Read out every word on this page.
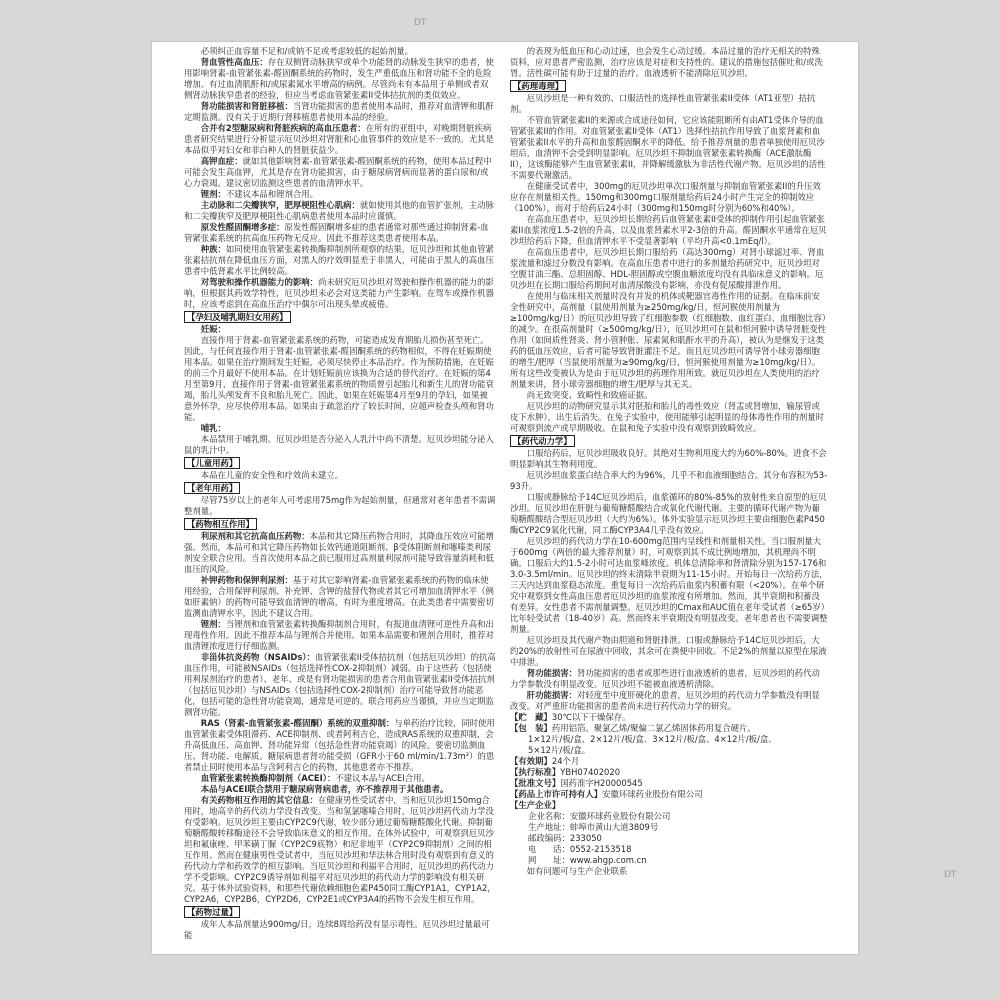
DT
DT

必须纠正血容量不足和/或钠不足或考虑较低的起始剂量。

肾血管性高血压：存在双侧肾动脉狭窄或单个功能肾的动脉发生狭窄的患者，使用影响肾素-血管紧张素-醛固酮系统的药物时，发生严重低血压和肾功能不全的危险增加。有过血清肌酐和/或尿素氮水平增高的病例。尽管尚未有本品用于单侧或者双侧肾动脉狭窄患者的经验，但应当考虑血管紧张素II受体拮抗剂的类似效应。

肾功能损害和肾脏移植：当肾功能损害的患者使用本品时，推荐对血清钾和肌酐定期监测。没有关于近期行肾移植患者使用本品的经验。

合并有2型糖尿病和肾脏疾病的高血压患者：在所有的亚组中，对晚期肾脏疾病患者研究结果进行分析显示厄贝沙坦对肾脏和心血管事件的效应是不一致的。尤其是本品似乎对妇女和非白种人的肾脏获益少。

高钾血症：就如其他影响肾素-血管紧张素-醛固酮系统的药物，使用本品过程中可能会发生高血钾，尤其是存在肾功能损害，由于糖尿病肾病而显著的蛋白尿和/或心力衰竭。建议密切监测这些患者的血清钾水平。

锂剂：不建议本品和锂剂合用。

主动脉和二尖瓣狭窄，肥厚梗阻性心肌病：就如使用其他的血管扩张剂，主动脉和二尖瓣狭窄及肥厚梗阻性心肌病患者使用本品时应谨慎。

原发性醛固酮增多症：原发性醛固酮增多症的患者通常对那些通过抑制肾素-血管紧张素系统的抗高血压药物无反应。因此不推荐这类患者使用本品。

种族：如同使用血管紧张素转换酶抑制剂所观察的结果，厄贝沙坦和其他血管紧张素拮抗剂在降低血压方面，对黑人的疗效明显差于非黑人，可能由于黑人的高血压患者中低肾素水平比例较高。

对驾驶和操作机器能力的影响：尚未研究厄贝沙坦对驾驶和操作机器的能力的影响，但根据其药效学特性，厄贝沙坦未必会对这类能力产生影响。在驾车或操作机器时，应该考虑到在高血压治疗中偶尔可出现头晕或疲倦。

【孕妇及哺乳期妇女用药】

妊娠：

直接作用于肾素-血管紧张素系统的药物，可能造成发育期胎儿损伤甚至死亡。因此，与任何直接作用于肾素-血管紧张素-醛固酮系统的药物相似，不得在妊娠期使用本品。如果在治疗期间发生妊娠，必须尽快停止本品治疗。作为预防措施，在妊娠的前三个月最好不使用本品。在计划妊娠前应该换为合适的替代治疗。在妊娠的第4月至第9月，直接作用于肾素-血管紧张素系统的物质曾引起胎儿和新生儿的肾功能衰竭，胎儿头颅发育不良和胎儿死亡。因此，如果在妊娠第4月至9月的孕妇，如果被意外怀孕，应尽快停用本品。如果由于疏忽治疗了较长时间，应超声检查头颅和肾功能。

哺乳：

本品禁用于哺乳期。厄贝沙坦是否分泌入人乳汁中尚不清楚。厄贝沙坦能分泌入鼠的乳汁中。

【儿童用药】

本品在儿童的安全性和疗效尚未建立。

【老年用药】

尽管75岁以上的老年人可考虑用75mg作为起始剂量，但通常对老年患者不需调整剂量。

【药物相互作用】

利尿剂和其它抗高血压药物：本品和其它降压药物合用时，其降血压效应可能增强。然而，本品可和其它降压药物如长效钙通道阻断剂、β受体阻断剂和噻嗪类利尿剂安全联合应用。当首次使用本品之前已服用过高剂量利尿剂可能导致容量消耗和低血压的风险。

补钾药物和保钾利尿剂：基于对其它影响肾素-血管紧张素系统的药物的临床使用经验，合用保钾利尿剂、补充钾、含钾的盐替代物或者其它可增加血清钾水平（例如肝素钠）的药物可能导致血清钾的增高，有时为重度增高。在此类患者中需要密切监测血清钾水平，因此不建议合用。

锂剂：当锂剂和血管紧张素转换酶抑制剂合用时，有报道血清锂可逆性升高和出现毒性作用。因此不推荐本品与锂剂合并使用。如果本品需要和锂剂合用时，推荐对血清锂浓度进行仔细监测。

非甾体抗炎药物（NSAIDs）：血管紧张素II受体拮抗剂（包括厄贝沙坦）的抗高血压作用，可能被NSAIDs（包括选择性COX-2抑制剂）减弱。由于这些药（包括使用利尿剂治疗的患者）、老年、或是有肾功能损害的患者合用血管紧张素II受体拮抗剂（包括厄贝沙坦）与NSAIDs（包括选择性COX-2抑制剂）治疗可能导致肾功能恶化，包括可能的急性肾功能衰竭，通常是可逆的。联合用药应当谨慎，并应当定期监测肾功能。

RAS（肾素-血管紧张素-醛固酮）系统的双重抑制：与单药治疗比较，同时使用血管紧张素受体阻滞药、ACE抑制剂、或者阿利吉仑，造成RAS系统的双重抑制，会升高低血压、高血钾、肾功能异常（包括急性肾功能衰竭）的风险。要密切监测血压、肾功能、电解质。糖尿病患者肾功能受损（GFR小于60 ml/min/1.73m²）的患者禁止同时使用本品与含阿利吉仑的药物，其他患者亦不推荐。

血管紧张素转换酶抑制剂（ACEI）：不建议本品与ACEI合用。

本品与ACEI联合禁用于糖尿病肾病患者，亦不推荐用于其他患者。

有关药物相互作用的其它信息：在健康男性受试者中，当和厄贝沙坦150mg合用时，地高辛的药代动力学没有改变。当和氢氯噻嗪合用时，厄贝沙坦药代动力学没有受影响。厄贝沙坦主要由CYP2C9代谢，较少部分通过葡萄糖醛酸化代谢。抑制葡萄糖醛酸转移酶途径不会导致临床意义的相互作用。在体外试验中，可观察到厄贝沙坦和氟康唑、甲苯磺丁脲（CYP2C9底物）和尼非地平（CYP2C9抑制剂）之间的相互作用。然而在健康男性受试者中，当厄贝沙坦和华法林合用时没有观察到有意义的药代动力学和药效学的相互影响。当厄贝沙坦和利福平合用时，厄贝沙坦的药代动力学不受影响。CYP2C9诱导剂如利福平对厄贝沙坦的药代动力学的影响没有相关研究。基于体外试验资料，和那些代谢依赖细胞色素P450同工酶CYP1A1，CYP1A2，CYP2A6，CYP2B6，CYP2D6，CYP2E1或CYP3A4的药物不会发生相互作用。

【药物过量】

成年人本品剂量达900mg/日，连续8周给药没有显示毒性。厄贝沙坦过量最可能

的表现为低血压和心动过速，也会发生心动过缓。本品过量的治疗无相关的特殊资料，应对患者严密监测，治疗应该是对症和支持性的。建议的措施包括催吐和/或洗胃。活性碳可能有助于过量的治疗。血液透析不能清除厄贝沙坦。

【药理毒理】

厄贝沙坦是一种有效的、口服活性的选择性血管紧张素II受体（AT1亚型）拮抗剂。

不管血管紧张素II的来源或合成途径如何，它应该能阻断所有由AT1受体介导的血管紧张素II的作用。对血管紧张素II受体（AT1）选择性拮抗作用导致了血浆肾素和血管紧张素II水平的升高和血浆醛固酮水平的降低。给予推荐剂量的患者单独使用厄贝沙坦后，血清钾不会受到明显影响。厄贝沙坦不抑制血管紧张素转换酶（ACE激肽酶II），这该酶能够产生血管紧张素II，并降解缓激肽为非活性代谢产物。厄贝沙坦的活性不需要代谢激活。

在健康受试者中，300mg的厄贝沙坦单次口服剂量与抑制血管紧张素II的升压效应存在剂量相关性。150mg和300mg口服剂量给药后24小时产生完全的抑制效应（100%），而对于给药后24小时（300mg和150mg时分别为60%和40%）。

在高血压患者中，厄贝沙坦长期给药后血管紧张素II受体的抑制作用引起血管紧张素II血浆浓度1.5-2倍的升高，以及血浆肾素水平2-3倍的升高。醛固酮水平通常在厄贝沙坦给药后下降，但血清钾水平不受显著影响（平均升高<0.1mEq/l）。

在高血压患者中，厄贝沙坦长期口服给药（高达300mg）对肾小球滤过率、肾血浆流量和滤过分数没有影响。在高血压患者中进行的多剂量给药研究中，厄贝沙坦对空腹甘油三酯、总胆固醇、HDL-胆固醇或空腹血糖浓度均没有具临床意义的影响。厄贝沙坦在长期口服给药期间对血清尿酸没有影响，亦没有促尿酸排泄作用。

在使用与临床相关剂量时没有并发的机体或靶器官毒性作用的证据。在临床前安全性研究中，高剂量（鼠使用剂量为≥250mg/kg/日，恒河猴使用剂量为≥100mg/kg/日）的厄贝沙坦导致了红细胞参数（红细胞数、血红蛋白、血细胞比容）的减少。在很高剂量时（≥500mg/kg/日），厄贝沙坦可在鼠和恒河猴中诱导肾脏变性作用（如间质性肾炎、肾小管肿胀、尿素氮和肌酐水平的升高），被认为是继发于这类药的低血压效应，后者可能导致肾脏灌注不足。而且厄贝沙坦可诱导肾小球旁器细胞的增生/肥厚（当鼠使用剂量为≥90mg/kg/日，恒河猴使用剂量为≥10mg/kg/日）。所有这些改变被认为是由于厄贝沙坦的药理作用所致。就厄贝沙坦在人类使用的治疗剂量来讲，肾小球旁器细胞的增生/肥厚与其无关。

尚无致突变、致畸性和致癌证据。

厄贝沙坦的动物研究显示其对胚胎和胎儿的毒性效应（肾盂或肾增加，输尿管或皮下水肿），出生后消失。在兔子实验中，使用能够引起明显的母体毒性作用的剂量时可观察到流产或早期吸收。在鼠和兔子实验中没有观察到致畸效应。

【药代动力学】

口服给药后，厄贝沙坦吸收良好。其绝对生物利用度大约为60%-80%。进食不会明显影响其生物利用度。

厄贝沙坦血浆蛋白结合率大约为96%，几乎不和血液细胞结合。其分布容积为53-93升。

口服或静脉给予14C厄贝沙坦后，血浆循环的80%-85%的放射性来自原型的厄贝沙坦。厄贝沙坦在肝脏与葡萄糖醛酸结合或氧化代谢代谢。主要的循环代谢产物为葡萄糖醛酸结合型厄贝沙坦（大约为6%）。体外实验显示厄贝沙坦主要由细胞色素P450酶CYP2C9氧化代谢，同工酶CYP3A4几乎没有效应。

厄贝沙坦的药代动力学在10-600mg范围内呈线性和剂量相关性。当口服剂量大于600mg（两倍的最大推荐剂量）时，可观察到其不成比例地增加，其机理尚不明确。口服后大约1.5-2小时可达血浆峰浓度。机体总清除率和肾清除分别为157-176和3.0-3.5ml/min。厄贝沙坦的终末清除半衰期为11-15小时。开始每日一次给药方法，三天内达到血浆稳态浓度。重复每日一次给药后血浆内积蓄有限（<20%）。在单个研究中观察到女性高血压患者厄贝沙坦的血浆浓度有所增加。然而，其半衰期和积蓄没有差异。女性患者不需剂量调整。厄贝沙坦的Cmax和AUC值在老年受试者（≥65岁）比年轻受试者（18-40岁）高。然而终末半衰期没有明显改变。老年患者也不需要调整剂量。

厄贝沙坦及其代谢产物由胆道和肾脏排泄。口服或静脉给予14C厄贝沙坦后，大约20%的放射性可在尿液中回收，其余可在粪便中回收。不足2%的剂量以原型在尿液中排泄。

肾功能损害：肾功能损害的患者或那些进行血液透析的患者，厄贝沙坦的药代动力学参数没有明显改变。厄贝沙坦不能被血液透析清除。

肝功能损害：对轻度至中度肝硬化的患者，厄贝沙坦的药代动力学参数没有明显改变。对严重肝功能损害的患者尚未进行药代动力学的研究。

【贮　藏】30℃以下干燥保存。
【包　装】药用铝箔、聚氯乙烯/聚偏二氯乙烯固体药用复合硬片。
1×12片/板/盒、2×12片/板/盒、3×12片/板/盒、4×12片/板/盒、
5×12片/板/盒。
【有效期】24个月
【执行标准】YBH07402020
【批准文号】国药准字H20000545
【药品上市许可持有人】安徽环球药业股份有限公司
【生产企业】
企业名称：安徽环球药业股份有限公司
生产地址：蚌埠市黄山大道3809号
邮政编码：233050
电　　话：0552-2153518
网　　址：www.ahgp.com.cn

如有问题可与生产企业联系
